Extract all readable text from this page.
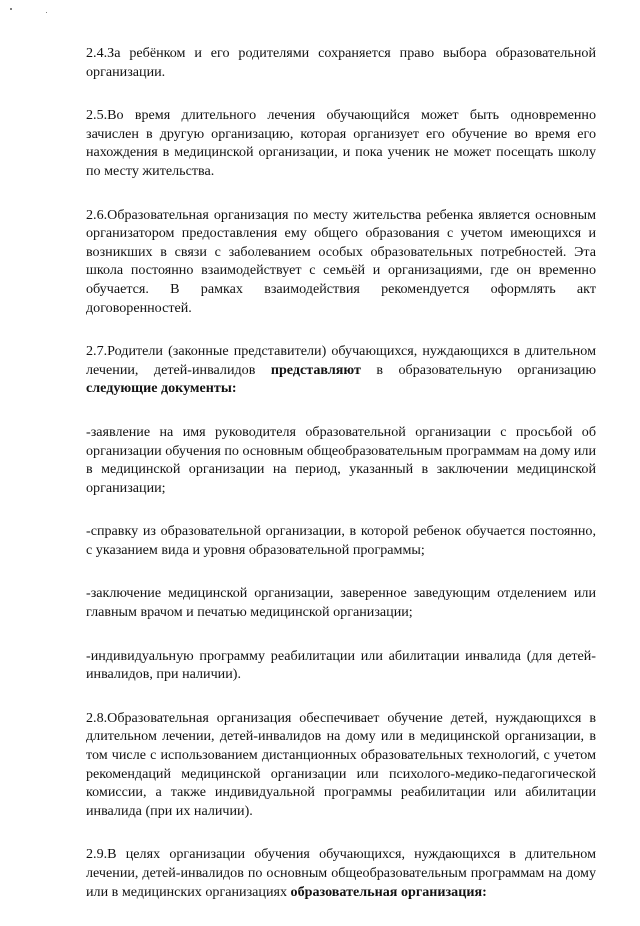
2.4.За ребёнком и его родителями сохраняется право выбора образовательной организации.

2.5.Во время длительного лечения обучающийся может быть одновременно зачислен в другую организацию, которая организует его обучение во время его нахождения в медицинской организации, и пока ученик не может посещать школу по месту жительства.

2.6.Образовательная организация по месту жительства ребенка является основным организатором предоставления ему общего образования с учетом имеющихся и возникших в связи с заболеванием особых образовательных потребностей. Эта школа постоянно взаимодействует с семьёй и организациями, где он временно обучается. В рамках взаимодействия рекомендуется оформлять акт договоренностей.

2.7.Родители (законные представители) обучающихся, нуждающихся в длительном лечении, детей-инвалидов представляют в образовательную организацию следующие документы:

-заявление на имя руководителя образовательной организации с просьбой об организации обучения по основным общеобразовательным программам на дому или в медицинской организации на период, указанный в заключении медицинской организации;

-справку из образовательной организации, в которой ребенок обучается постоянно, с указанием вида и уровня образовательной программы;

-заключение медицинской организации, заверенное заведующим отделением или главным врачом и печатью медицинской организации;

-индивидуальную программу реабилитации или абилитации инвалида (для детей-инвалидов, при наличии).

2.8.Образовательная организация обеспечивает обучение детей, нуждающихся в длительном лечении, детей-инвалидов на дому или в медицинской организации, в том числе с использованием дистанционных образовательных технологий, с учетом рекомендаций медицинской организации или психолого-медико-педагогической комиссии, а также индивидуальной программы реабилитации или абилитации инвалида (при их наличии).

2.9.В целях организации обучения обучающихся, нуждающихся в длительном лечении, детей-инвалидов по основным общеобразовательным программам на дому или в медицинских организациях образовательная организация:
